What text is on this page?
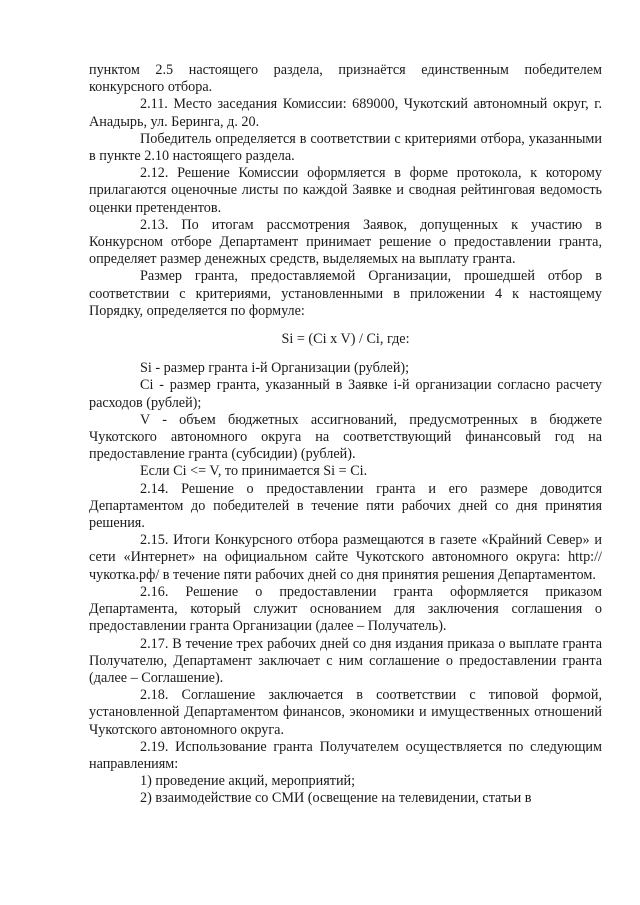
пунктом 2.5 настоящего раздела, признаётся единственным победителем конкурсного отбора.

2.11. Место заседания Комиссии: 689000, Чукотский автономный округ, г. Анадырь, ул. Беринга, д. 20.

Победитель определяется в соответствии с критериями отбора, указанными в пункте 2.10 настоящего раздела.

2.12. Решение Комиссии оформляется в форме протокола, к которому прилагаются оценочные листы по каждой Заявке и сводная рейтинговая ведомость оценки претендентов.

2.13. По итогам рассмотрения Заявок, допущенных к участию в Конкурсном отборе Департамент принимает решение о предоставлении гранта, определяет размер денежных средств, выделяемых на выплату гранта.

Размер гранта, предоставляемой Организации, прошедшей отбор в соответствии с критериями, установленными в приложении 4 к настоящему Порядку, определяется по формуле:

Si = (Ci x V) / Ci, где:

Si - размер гранта i-й Организации (рублей);

Ci - размер гранта, указанный в Заявке i-й организации согласно расчету расходов (рублей);

V - объем бюджетных ассигнований, предусмотренных в бюджете Чукотского автономного округа на соответствующий финансовый год на предоставление гранта (субсидии) (рублей).

Если Ci <= V, то принимается Si = Ci.

2.14. Решение о предоставлении гранта и его размере доводится Департаментом до победителей в течение пяти рабочих дней со дня принятия решения.

2.15. Итоги Конкурсного отбора размещаются в газете «Крайний Север» и сети «Интернет» на официальном сайте Чукотского автономного округа: http://чукотка.рф/ в течение пяти рабочих дней со дня принятия решения Департаментом.

2.16. Решение о предоставлении гранта оформляется приказом Департамента, который служит основанием для заключения соглашения о предоставлении гранта Организации (далее – Получатель).

2.17. В течение трех рабочих дней со дня издания приказа о выплате гранта Получателю, Департамент заключает с ним соглашение о предоставлении гранта (далее – Соглашение).

2.18. Соглашение заключается в соответствии с типовой формой, установленной Департаментом финансов, экономики и имущественных отношений Чукотского автономного округа.

2.19. Использование гранта Получателем осуществляется по следующим направлениям:

1) проведение акций, мероприятий;

2) взаимодействие со СМИ (освещение на телевидении, статьи в
